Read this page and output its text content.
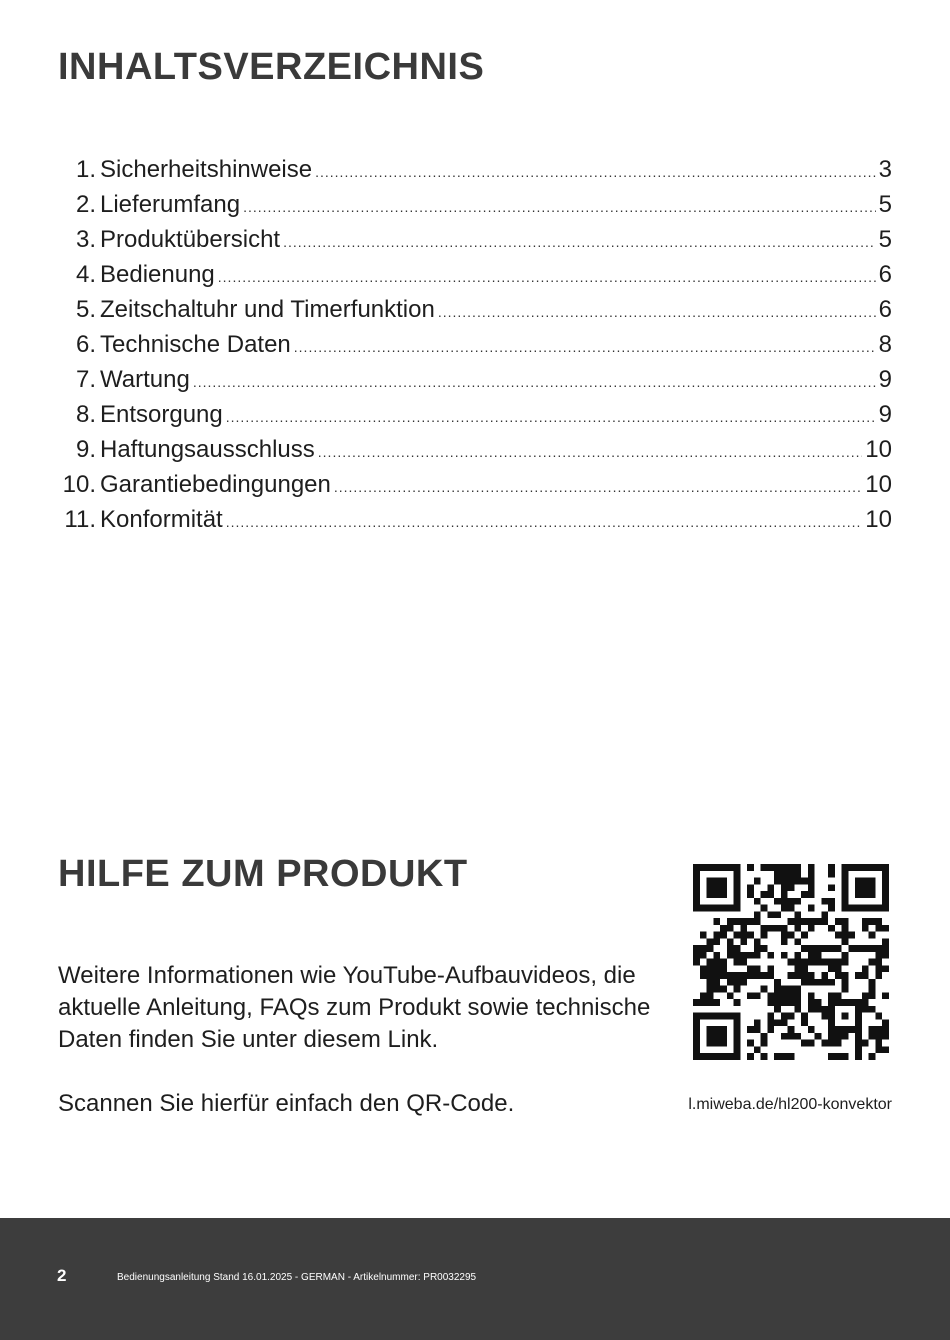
INHALTSVERZEICHNIS
1. Sicherheitshinweise .....	3
2. Lieferumfang .....	5
3. Produktübersicht .....	5
4. Bedienung .....	6
5. Zeitschaltuhr und Timerfunktion .....	6
6. Technische Daten .....	8
7. Wartung .....	9
8. Entsorgung .....	9
9. Haftungsausschluss .....	10
10. Garantiebedingungen .....	10
11. Konformität .....	10
HILFE ZUM PRODUKT

Weitere Informationen wie YouTube-Aufbauvideos, die aktuelle Anleitung, FAQs zum Produkt sowie technische Daten finden Sie unter diesem Link.

Scannen Sie hierfür einfach den QR-Code.	l.miweba.de/hl200-konvektor
2	Bedienungsanleitung Stand 16.01.2025 - GERMAN - Artikelnummer: PR0032295
